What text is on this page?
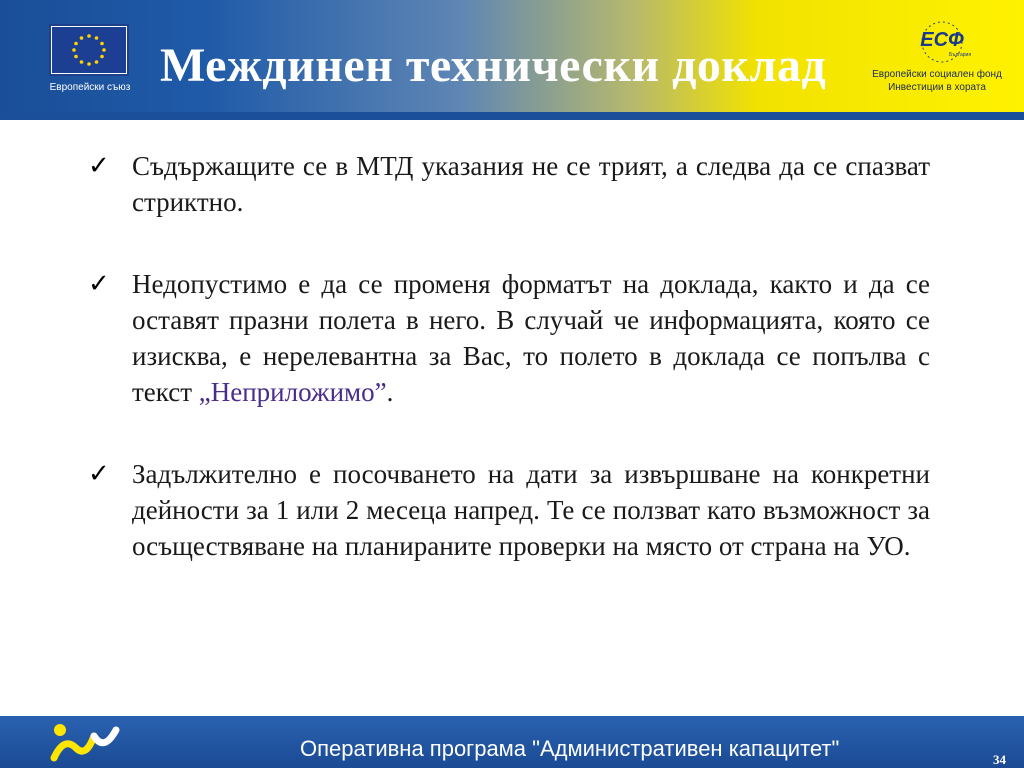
Европейски съюз Междинен технически доклад	ЕСФ
България
Европейски социален фонд
Инвестиции в хората
✓ Съдържащите се в МТД указания не се трият, а следва да се спазват стриктно.
✓ Недопустимо е да се променя форматът на доклада, както и да се оставят празни полета в него. В случай че информацията, която се изисква, е нерелевантна за Вас, то полето в доклада се попълва с текст „Неприложимо”.
✓ Задължително е посочването на дати за извършване на конкретни дейности за 1 или 2 месеца напред. Те се ползват като възможност за осъществяване на планираните проверки на място от страна на УО.
Оперативна програма "Административен капацитет"	34
